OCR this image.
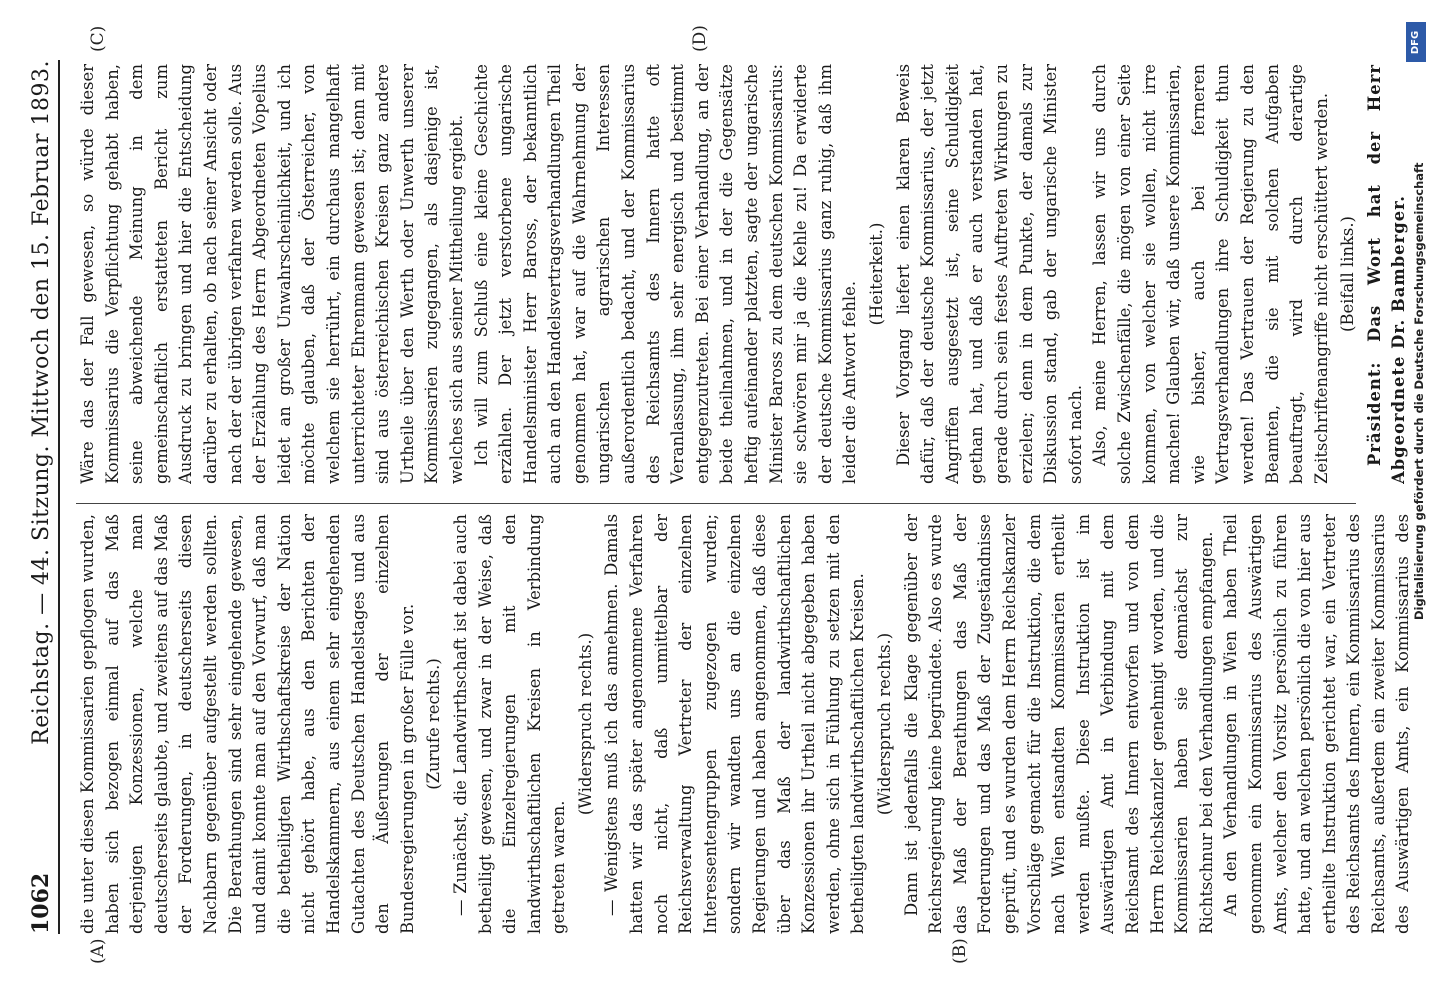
1062
Reichstag. — 44. Sitzung. Mittwoch den 15. Februar 1893.
(A)	(B)
(C)	(D)

die unter diesen Kommissarien gepflogen wurden, haben sich bezogen einmal auf das Maß derjenigen Konzessionen, welche man deutscherseits glaubte, und zweitens auf das Maß der Forderungen, in deutscherseits diesen Nachbarn gegenüber aufgestellt werden sollten. Die Berathungen sind sehr eingehende gewesen, und damit konnte man auf den Vorwurf, daß man die betheiligten Wirthschaftskreise der Nation nicht gehört habe, aus den Berichten der Handelskammern, aus einem sehr eingehenden Gutachten des Deutschen Handelstages und aus den Äußerungen der einzelnen Bundesregierungen in großer Fülle vor. (Zurufe rechts.) — Zunächst, die Landwirthschaft ist dabei auch betheiligt gewesen, und zwar in der Weise, daß die Einzelregierungen mit den landwirthschaftlichen Kreisen in Verbindung getreten waren.

(Widerspruch rechts.) — Wenigstens muß ich das annehmen. Damals hatten wir das später angenommene Verfahren noch nicht, daß unmittelbar der Reichsverwaltung Vertreter der einzelnen Interessentengruppen zugezogen wurden; sondern wir wandten uns an die einzelnen Regierungen und haben angenommen, daß diese über das Maß der landwirthschaftlichen Konzessionen ihr Urtheil nicht abgegeben haben werden, ohne sich in Fühlung zu setzen mit den betheiligten landwirthschaftlichen Kreisen. (Widerspruch rechts.) Dann ist jedenfalls die Klage gegenüber der Reichsregierung keine begründete. Also es wurde das Maß der Berathungen das Maß der Forderungen und das Maß der Zugeständnisse geprüft, und es wurden dem Herrn Reichskanzler Vorschläge gemacht für die Instruktion, die dem nach Wien entsandten Kommissarien ertheilt werden mußte. Diese Instruktion ist im Auswärtigen Amt in Verbindung mit dem Reichsamt des Innern entworfen und von dem Herrn Reichskanzler genehmigt worden, und die Kommissarien haben sie demnächst zur Richtschnur bei den Verhandlungen empfangen. An den Verhandlungen in Wien haben Theil genommen ein Kommissarius des Auswärtigen Amts, welcher den Vorsitz persönlich zu führen hatte, und an welchen persönlich die von hier aus ertheilte Instruktion gerichtet war, ein Vertreter des Reichsamts des Innern, ein Kommissarius des Reichsamts, außerdem ein zweiter Kommissarius des Auswärtigen Amts, ein Kommissarius des

Wäre das der Fall gewesen, so würde dieser Kommissarius die Verpflichtung gehabt haben, seine abweichende Meinung in dem gemeinschaftlich erstatteten Bericht zum Ausdruck zu bringen und hier die Entscheidung darüber zu erhalten, ob nach seiner Ansicht oder nach der der übrigen verfahren werden solle. Aus der Erzählung des Herrn Abgeordneten Vopelius leidet an großer Unwahrscheinlichkeit, und ich möchte glauben, daß der Österreicher, von welchem sie herrührt, ein durchaus mangelhaft unterrichteter Ehrenmann gewesen ist; denn mit sind aus österreichischen Kreisen ganz andere Urtheile über den Werth oder Unwerth unserer Kommissarien zugegangen, als dasjenige ist, welches sich aus seiner Mittheilung ergiebt. Ich will zum Schluß eine kleine Geschichte erzählen. Der jetzt verstorbene ungarische Handelsminister Herr Baross, der bekanntlich auch an den Handelsvertragsverhandlungen Theil genommen hat, war auf die Wahrnehmung der ungarischen agrarischen Interessen außerordentlich bedacht, und der Kommissarius des Reichsamts des Innern hatte oft Veranlassung, ihm sehr energisch und bestimmt entgegenzutreten. Bei einer Verhandlung, an der beide theilnahmen, und in der die Gegensätze heftig aufeinander platzten, sagte der ungarische Minister Baross zu dem deutschen Kommissarius: sie schwören mir ja die Kehle zu! Da erwiderte der deutsche Kommissarius ganz ruhig, daß ihm leider die Antwort fehle.

(Heiterkeit.) Dieser Vorgang liefert einen klaren Beweis dafür, daß der deutsche Kommissarius, der jetzt Angriffen ausgesetzt ist, seine Schuldigkeit gethan hat, und daß er auch verstanden hat, gerade durch sein festes Auftreten Wirkungen zu erzielen; denn in dem Punkte, der damals zur Diskussion stand, gab der ungarische Minister sofort nach. Also, meine Herren, lassen wir uns durch solche Zwischenfälle, die mögen von einer Seite kommen, von welcher sie wollen, nicht irre machen! Glauben wir, daß unsere Kommissarien, wie bisher, auch bei ferneren Vertragsverhandlungen ihre Schuldigkeit thun werden! Das Vertrauen der Regierung zu den Beamten, die sie mit solchen Aufgaben beauftragt, wird durch derartige Zeitschriftenangriffe nicht erschüttert werden. (Beifall links.) Präsident: Das Wort hat der Herr Abgeordnete Dr. Bamberger. Digitalisierung gefördert durch die Deutsche Forschungsgemeinschaft
DFG
